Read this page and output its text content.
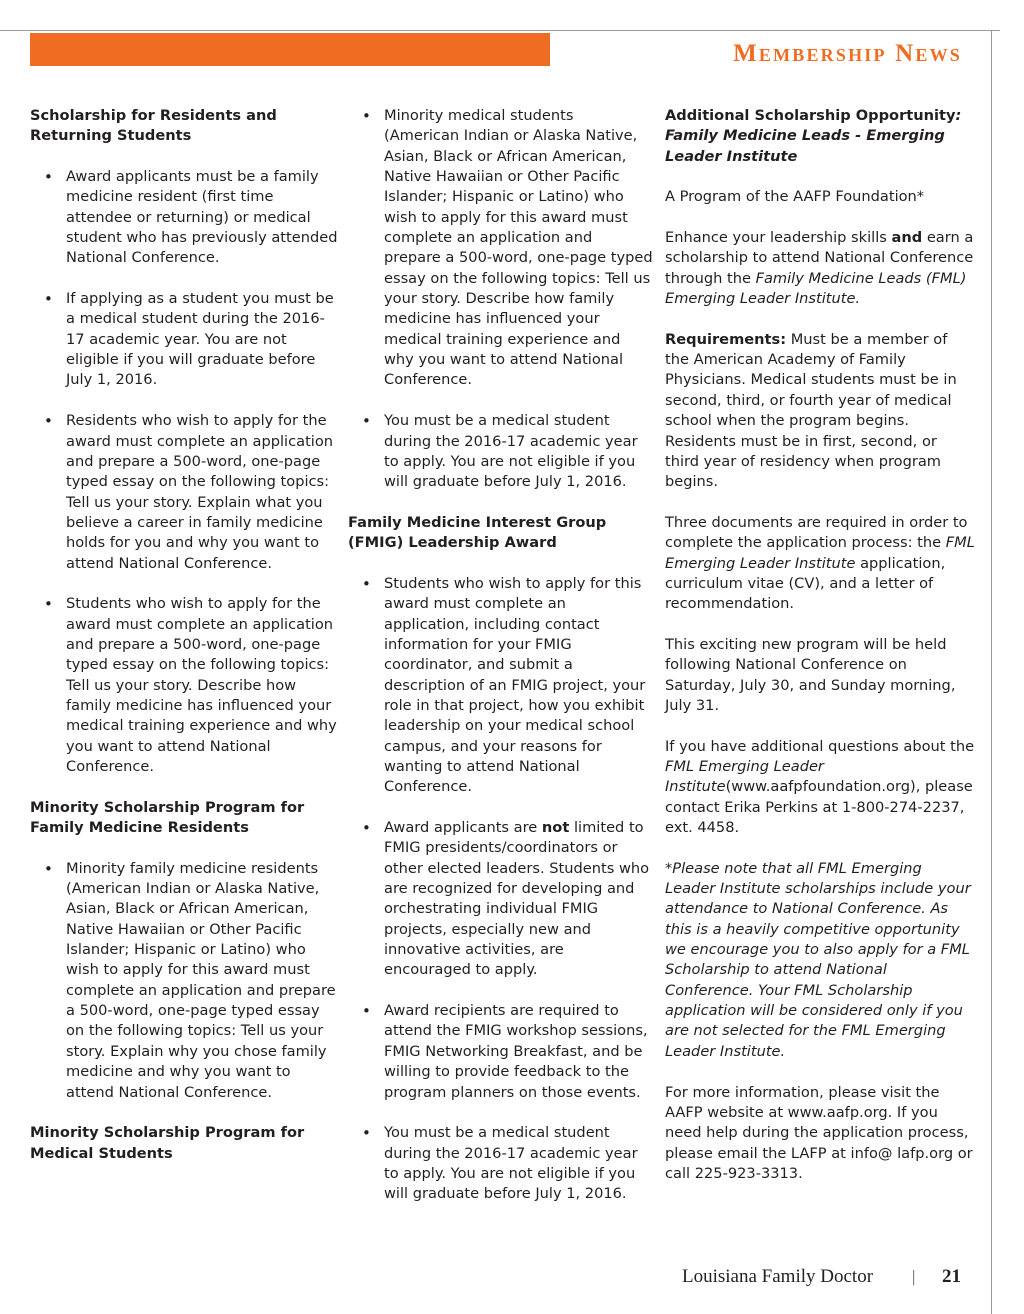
Membership News

Scholarship for Residents and Returning Students

• Award applicants must be a family medicine resident (first time attendee or returning) or medical student who has previously attended National Conference.
• If applying as a student you must be a medical student during the 2016-17 academic year. You are not eligible if you will graduate before July 1, 2016.
• Residents who wish to apply for the award must complete an application and prepare a 500-word, one-page typed essay on the following topics: Tell us your story. Explain what you believe a career in family medicine holds for you and why you want to attend National Conference.
• Students who wish to apply for the award must complete an application and prepare a 500-word, one-page typed essay on the following topics: Tell us your story. Describe how family medicine has influenced your medical training experience and why you want to attend National Conference.

Minority Scholarship Program for Family Medicine Residents

• Minority family medicine residents (American Indian or Alaska Native, Asian, Black or African American, Native Hawaiian or Other Pacific Islander; Hispanic or Latino) who wish to apply for this award must complete an application and prepare a 500-word, one-page typed essay on the following topics: Tell us your story. Explain why you chose family medicine and why you want to attend National Conference.

Minority Scholarship Program for Medical Students

• Minority medical students (American Indian or Alaska Native, Asian, Black or African American, Native Hawaiian or Other Pacific Islander; Hispanic or Latino) who wish to apply for this award must complete an application and prepare a 500-word, one-page typed essay on the following topics: Tell us your story. Describe how family medicine has influenced your medical training experience and why you want to attend National Conference.
• You must be a medical student during the 2016-17 academic year to apply. You are not eligible if you will graduate before July 1, 2016.

Family Medicine Interest Group (FMIG) Leadership Award

• Students who wish to apply for this award must complete an application, including contact information for your FMIG coordinator, and submit a description of an FMIG project, your role in that project, how you exhibit leadership on your medical school campus, and your reasons for wanting to attend National Conference.
• Award applicants are not limited to FMIG presidents/coordinators or other elected leaders. Students who are recognized for developing and orchestrating individual FMIG projects, especially new and innovative activities, are encouraged to apply.
• Award recipients are required to attend the FMIG workshop sessions, FMIG Networking Breakfast, and be willing to provide feedback to the program planners on those events.
• You must be a medical student during the 2016-17 academic year to apply. You are not eligible if you will graduate before July 1, 2016.

Additional Scholarship Opportunity:
Family Medicine Leads - Emerging Leader Institute

A Program of the AAFP Foundation*

Enhance your leadership skills and earn a scholarship to attend National Conference through the Family Medicine Leads (FML) Emerging Leader Institute.

Requirements: Must be a member of the American Academy of Family Physicians. Medical students must be in second, third, or fourth year of medical school when the program begins. Residents must be in first, second, or third year of residency when program begins.

Three documents are required in order to complete the application process: the FML Emerging Leader Institute application, curriculum vitae (CV), and a letter of recommendation.

This exciting new program will be held following National Conference on Saturday, July 30, and Sunday morning, July 31.

If you have additional questions about the FML Emerging Leader Institute(www.aafpfoundation.org), please contact Erika Perkins at 1-800-274-2237, ext. 4458.

*Please note that all FML Emerging Leader Institute scholarships include your attendance to National Conference. As this is a heavily competitive opportunity we encourage you to also apply for a FML Scholarship to attend National Conference. Your FML Scholarship application will be considered only if you are not selected for the FML Emerging Leader Institute.

For more information, please visit the AAFP website at www.aafp.org. If you need help during the application process, please email the LAFP at info@ lafp.org or call 225-923-3313.

Louisiana Family Doctor | 21
